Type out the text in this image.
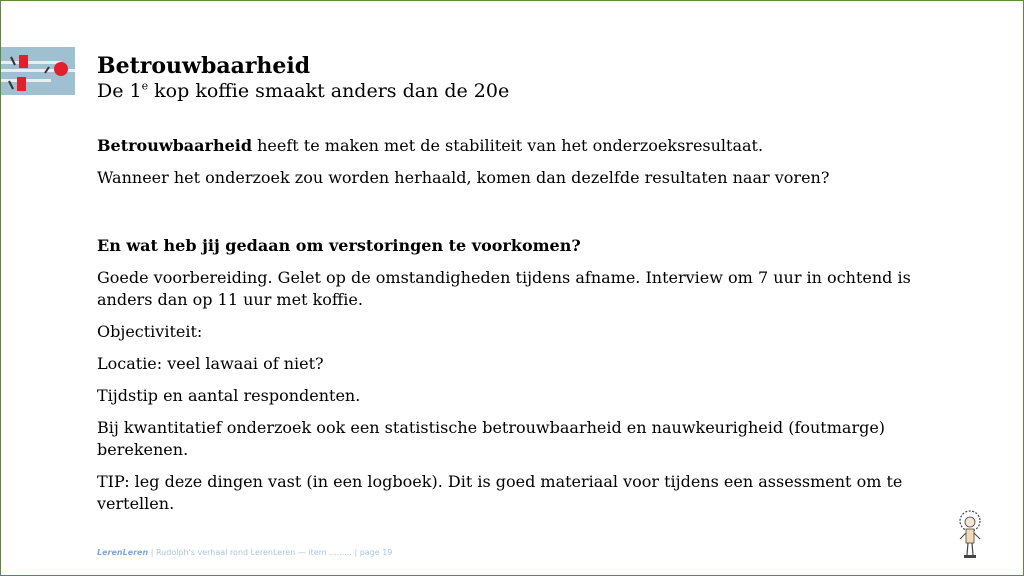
Betrouwbaarheid
De 1e kop koffie smaakt anders dan de 20e

Betrouwbaarheid heeft te maken met de stabiliteit van het onderzoeksresultaat.

Wanneer het onderzoek zou worden herhaald, komen dan dezelfde resultaten naar voren?

En wat heb jij gedaan om verstoringen te voorkomen?

Goede voorbereiding. Gelet op de omstandigheden tijdens afname. Interview om 7 uur in ochtend is anders dan op 11 uur met koffie.

Objectiviteit:

Locatie: veel lawaai of niet?

Tijdstip en aantal respondenten.

Bij kwantitatief onderzoek ook een statistische betrouwbaarheid en nauwkeurigheid (foutmarge) berekenen.

TIP: leg deze dingen vast (in een logboek). Dit is goed materiaal voor tijdens een assessment om te vertellen.

LerenLeren | Rudolph's verhaal rond LerenLeren — item ......... | page 19
